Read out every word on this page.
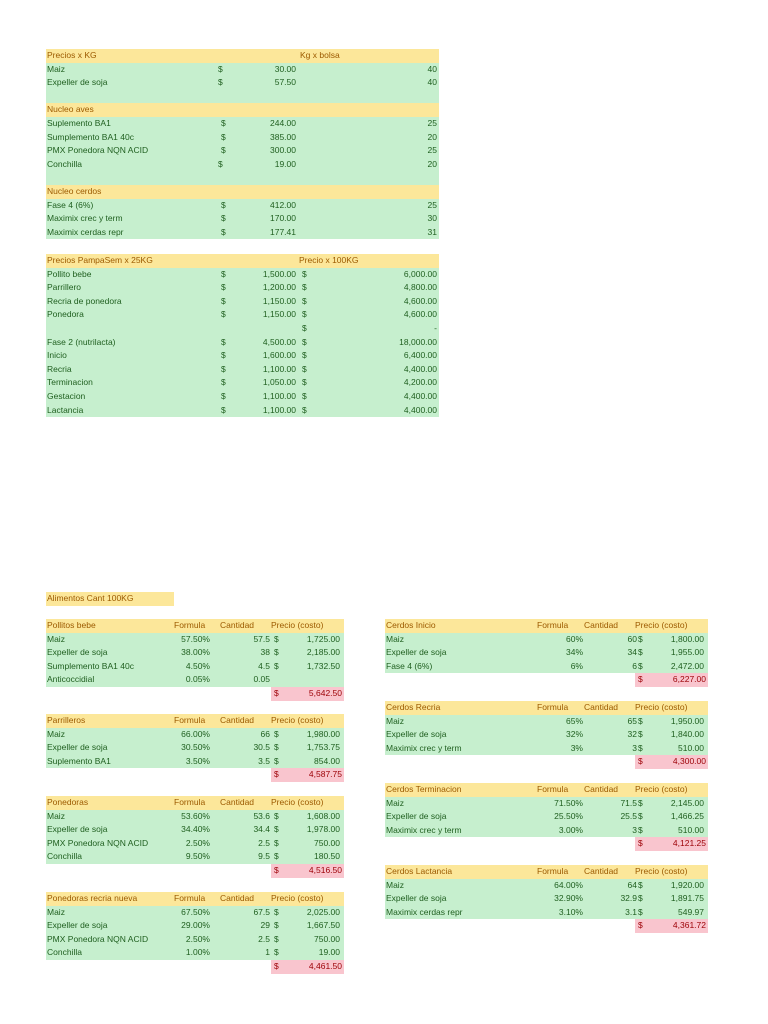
Precios x KG	Kg x bolsa
Maiz	$	30.00	40
Expeller de soja	$	57.50	40
Nucleo aves
Suplemento BA1	$	244.00	25
Sumplemento BA1 40c	$	385.00	20
PMX Ponedora NQN ACID	$	300.00	25
Conchilla	$	19.00	20
Nucleo cerdos
Fase 4 (6%)	$	412.00	25
Maximix crec y term	$	170.00	30
Maximix cerdas repr	$	177.41	31
Precios PampaSem x 25KG	Precio x 100KG
Pollito bebe	$	1,500.00 $	6,000.00
Parrillero	$	1,200.00 $	4,800.00
Recria de ponedora	$	1,150.00 $	4,600.00
Ponedora	$	1,150.00 $	4,600.00
$	-
Fase 2 (nutrilacta)	$	4,500.00 $	18,000.00
Inicio	$	1,600.00 $	6,400.00
Recria	$	1,100.00 $	4,400.00
Terminacion	$	1,050.00 $	4,200.00
Gestacion	$	1,100.00 $	4,400.00
Lactancia	$	1,100.00 $	4,400.00
Alimentos Cant 100KG
Pollitos bebe	Formula Cantidad Precio (costo)
Maiz	57.50%	57.5 $	1,725.00
Expeller de soja	38.00%	38 $	2,185.00
Sumplemento BA1 40c	4.50%	4.5 $	1,732.50
Anticoccidial	0.05%	0.05
$	5,642.50
Parrilleros	Formula Cantidad Precio (costo)
Maiz	66.00%	66 $	1,980.00
Expeller de soja	30.50%	30.5 $	1,753.75
Suplemento BA1	3.50%	3.5 $	854.00
$	4,587.75
Ponedoras	Formula Cantidad Precio (costo)
Maiz	53.60%	53.6 $	1,608.00
Expeller de soja	34.40%	34.4 $	1,978.00
PMX Ponedora NQN ACID	2.50%	2.5 $	750.00
Conchilla	9.50%	9.5 $	180.50
$	4,516.50
Ponedoras recria nueva	Formula Cantidad Precio (costo)
Maiz	67.50%	67.5 $	2,025.00
Expeller de soja	29.00%	29 $	1,667.50
PMX Ponedora NQN ACID	2.50%	2.5 $	750.00
Conchilla	1.00%	1 $	19.00
$	4,461.50
Cerdos Inicio	Formula Cantidad Precio (costo)
Maiz	60%	60 $	1,800.00
Expeller de soja	34%	34 $	1,955.00
Fase 4 (6%)	6%	6 $	2,472.00
$	6,227.00
Cerdos Recria	Formula Cantidad Precio (costo)
Maiz	65%	65 $	1,950.00
Expeller de soja	32%	32 $	1,840.00
Maximix crec y term	3%	3 $	510.00
$	4,300.00
Cerdos Terminacion	Formula Cantidad Precio (costo)
Maiz	71.50%	71.5 $	2,145.00
Expeller de soja	25.50%	25.5 $	1,466.25
Maximix crec y term	3.00%	3 $	510.00
$	4,121.25
Cerdos Lactancia	Formula Cantidad Precio (costo)
Maiz	64.00%	64 $	1,920.00
Expeller de soja	32.90%	32.9 $	1,891.75
Maximix cerdas repr	3.10%	3.1 $	549.97
$	4,361.72
